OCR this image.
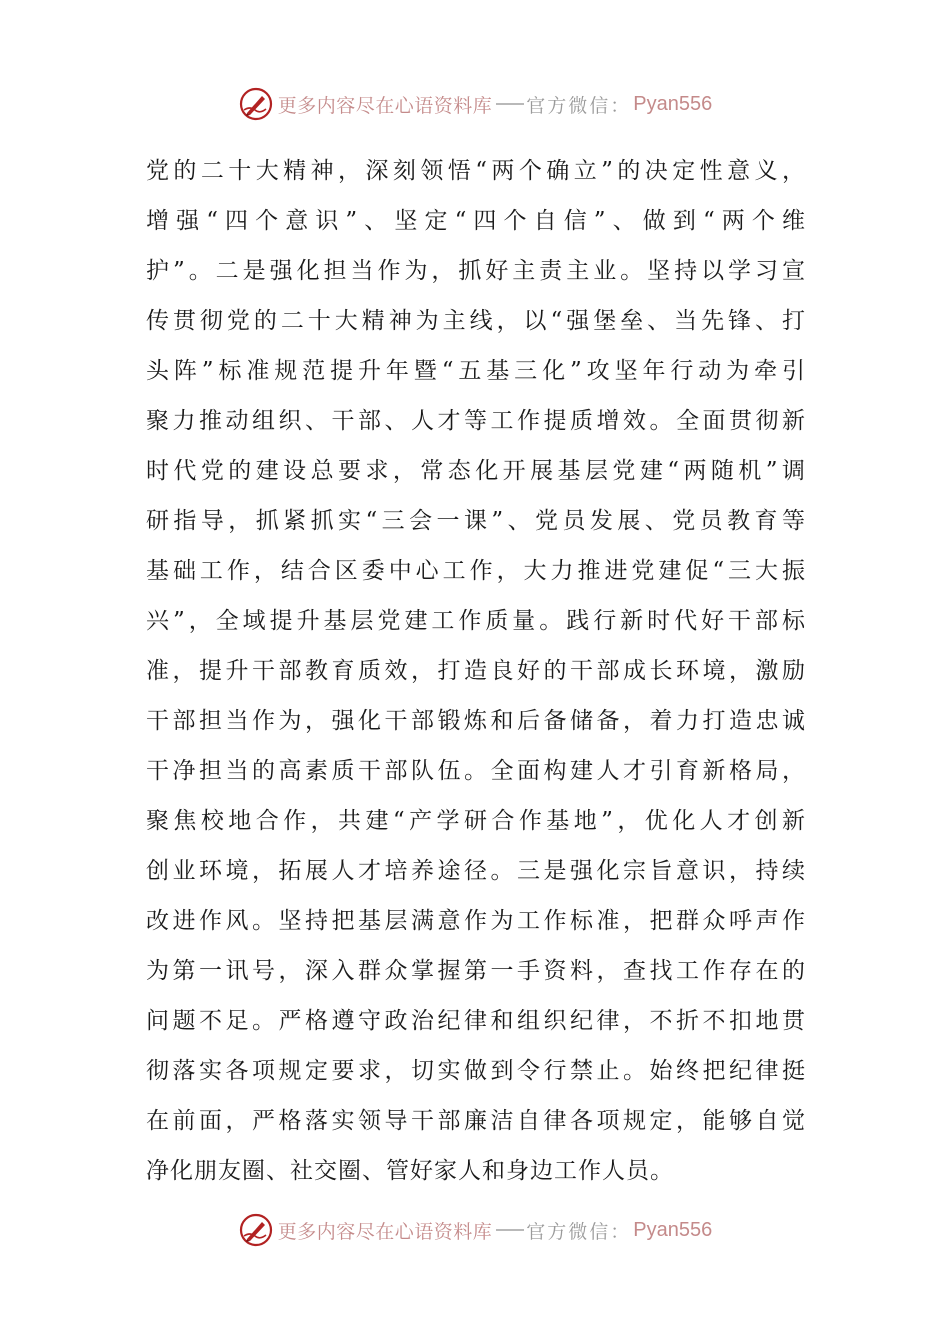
更多内容尽在心语资料库 官方微信： Pyan556
党的二十大精神，深刻领悟“两个确立”的决定性意义，
增强“四个意识”、坚定“四个自信”、做到“两个维
护”。二是强化担当作为，抓好主责主业。坚持以学习宣
传贯彻党的二十大精神为主线，以“强堡垒、当先锋、打
头阵”标准规范提升年暨“五基三化”攻坚年行动为牵引
聚力推动组织、干部、人才等工作提质增效。全面贯彻新
时代党的建设总要求，常态化开展基层党建“两随机”调
研指导，抓紧抓实“三会一课”、党员发展、党员教育等
基础工作，结合区委中心工作，大力推进党建促“三大振
兴”，全域提升基层党建工作质量。践行新时代好干部标
准，提升干部教育质效，打造良好的干部成长环境，激励
干部担当作为，强化干部锻炼和后备储备，着力打造忠诚
干净担当的高素质干部队伍。全面构建人才引育新格局，
聚焦校地合作，共建“产学研合作基地”，优化人才创新
创业环境，拓展人才培养途径。三是强化宗旨意识，持续
改进作风。坚持把基层满意作为工作标准，把群众呼声作
为第一讯号，深入群众掌握第一手资料，查找工作存在的
问题不足。严格遵守政治纪律和组织纪律，不折不扣地贯
彻落实各项规定要求，切实做到令行禁止。始终把纪律挺
在前面，严格落实领导干部廉洁自律各项规定，能够自觉
净化朋友圈、社交圈、管好家人和身边工作人员。
更多内容尽在心语资料库 官方微信： Pyan556
